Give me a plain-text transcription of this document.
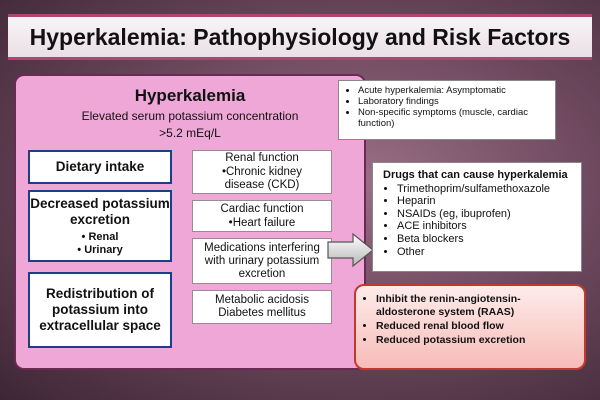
Hyperkalemia: Pathophysiology and Risk Factors
Hyperkalemia
Elevated serum potassium concentration
>5.2 mEq/L
Dietary intake
Decreased potassium
excretion
• Renal
• Urinary
Redistribution of
potassium into
extracellular space
Renal function
• Chronic kidney
disease (CKD)
Cardiac function
• Heart failure
Medications interfering
with urinary potassium
excretion
Metabolic acidosis
Diabetes mellitus
• Acute hyperkalemia: Asymptomatic
• Laboratory findings
• Non-specific symptoms (muscle, cardiac function)
Drugs that can cause hyperkalemia
• Trimethoprim/sulfamethoxazole
• Heparin
• NSAIDs (eg, ibuprofen)
• ACE inhibitors
• Beta blockers
• Other
• Inhibit the renin-angiotensin-aldosterone system (RAAS)
• Reduced renal blood flow
• Reduced potassium excretion
